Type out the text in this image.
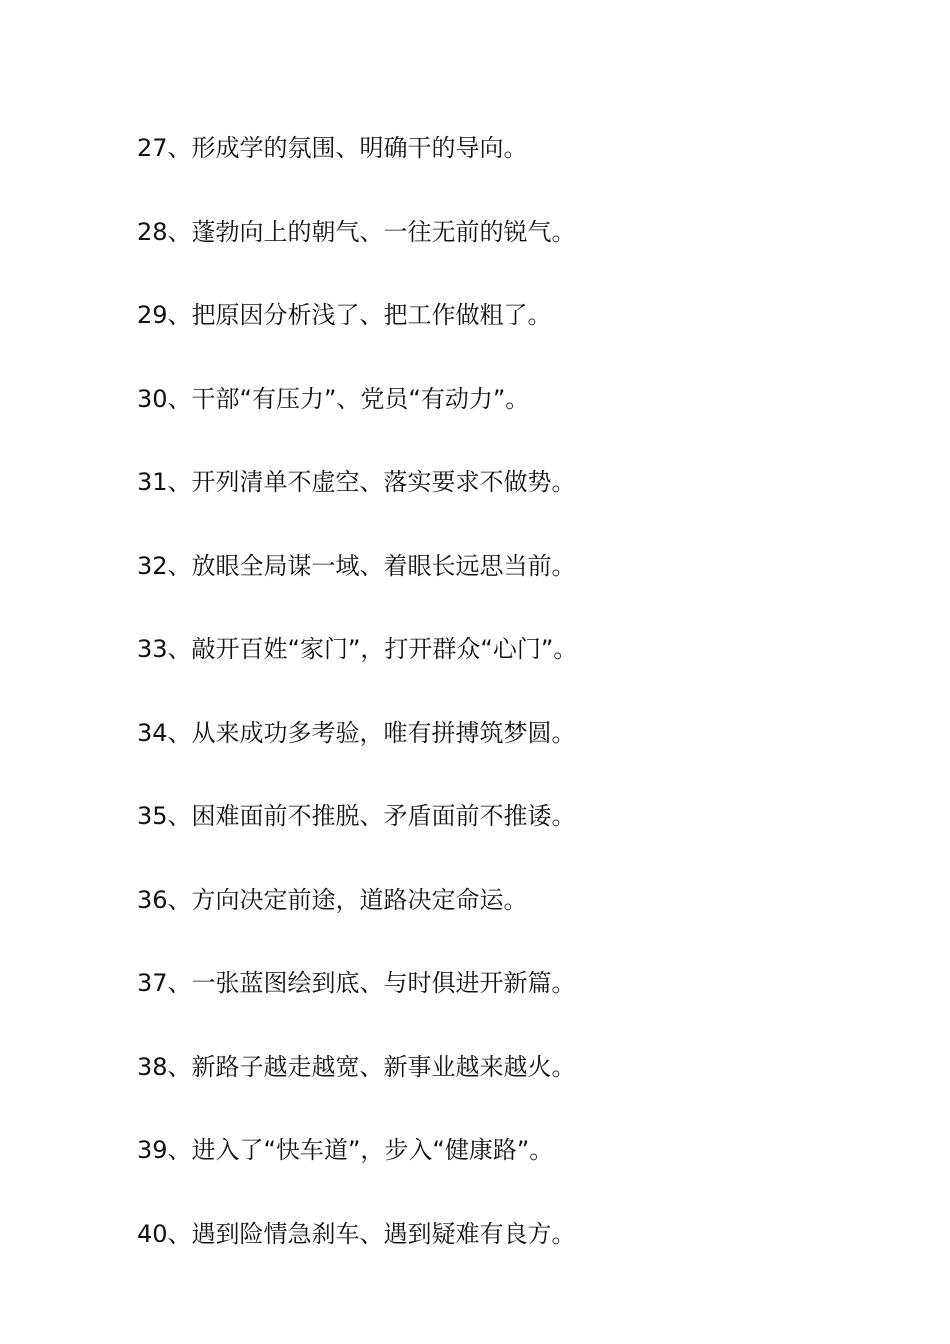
27、形成学的氛围、明确干的导向。
28、蓬勃向上的朝气、一往无前的锐气。
29、把原因分析浅了、把工作做粗了。
30、干部“有压力”、党员“有动力”。
31、开列清单不虚空、落实要求不做势。
32、放眼全局谋一域、着眼长远思当前。
33、敲开百姓“家门”，打开群众“心门”。
34、从来成功多考验，唯有拼搏筑梦圆。
35、困难面前不推脱、矛盾面前不推诿。
36、方向决定前途，道路决定命运。
37、一张蓝图绘到底、与时俱进开新篇。
38、新路子越走越宽、新事业越来越火。
39、进入了“快车道”，步入“健康路”。
40、遇到险情急刹车、遇到疑难有良方。
